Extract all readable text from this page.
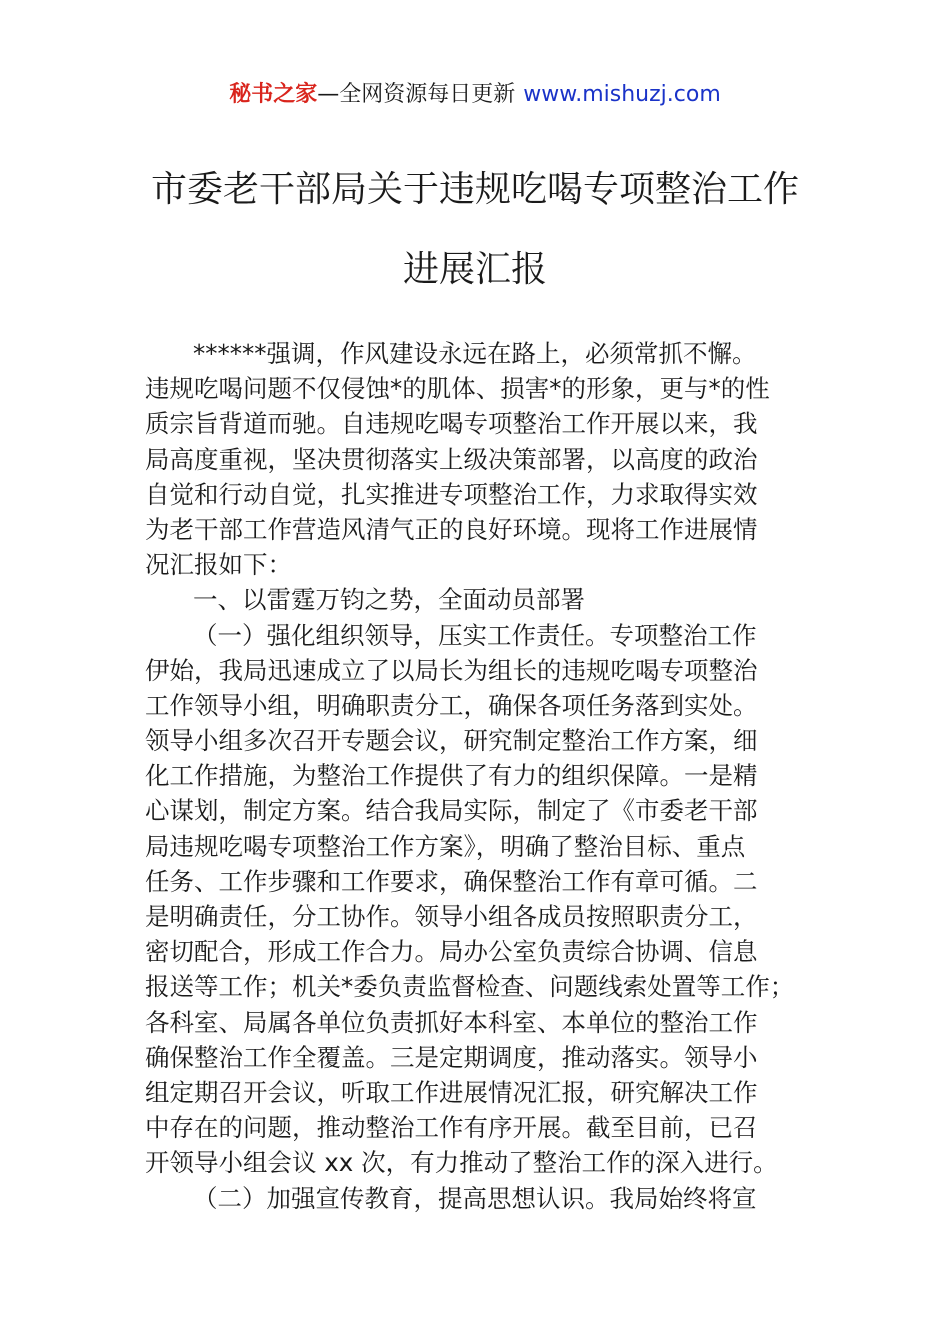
秘书之家—全网资源每日更新 www.mishuzj.com
市委老干部局关于违规吃喝专项整治工作
进展汇报
******强调，作风建设永远在路上，必须常抓不懈。
违规吃喝问题不仅侵蚀*的肌体、损害*的形象，更与*的性
质宗旨背道而驰。自违规吃喝专项整治工作开展以来，我
局高度重视，坚决贯彻落实上级决策部署，以高度的政治
自觉和行动自觉，扎实推进专项整治工作，力求取得实效
为老干部工作营造风清气正的良好环境。现将工作进展情
况汇报如下：
一、以雷霆万钧之势，全面动员部署
（一）强化组织领导，压实工作责任。专项整治工作
伊始，我局迅速成立了以局长为组长的违规吃喝专项整治
工作领导小组，明确职责分工，确保各项任务落到实处。
领导小组多次召开专题会议，研究制定整治工作方案，细
化工作措施，为整治工作提供了有力的组织保障。一是精
心谋划，制定方案。结合我局实际，制定了《市委老干部
局违规吃喝专项整治工作方案》，明确了整治目标、重点
任务、工作步骤和工作要求，确保整治工作有章可循。二
是明确责任，分工协作。领导小组各成员按照职责分工，
密切配合，形成工作合力。局办公室负责综合协调、信息
报送等工作；机关*委负责监督检查、问题线索处置等工作；
各科室、局属各单位负责抓好本科室、本单位的整治工作
确保整治工作全覆盖。三是定期调度，推动落实。领导小
组定期召开会议，听取工作进展情况汇报，研究解决工作
中存在的问题，推动整治工作有序开展。截至目前，已召
开领导小组会议 xx 次，有力推动了整治工作的深入进行。
（二）加强宣传教育，提高思想认识。我局始终将宣
